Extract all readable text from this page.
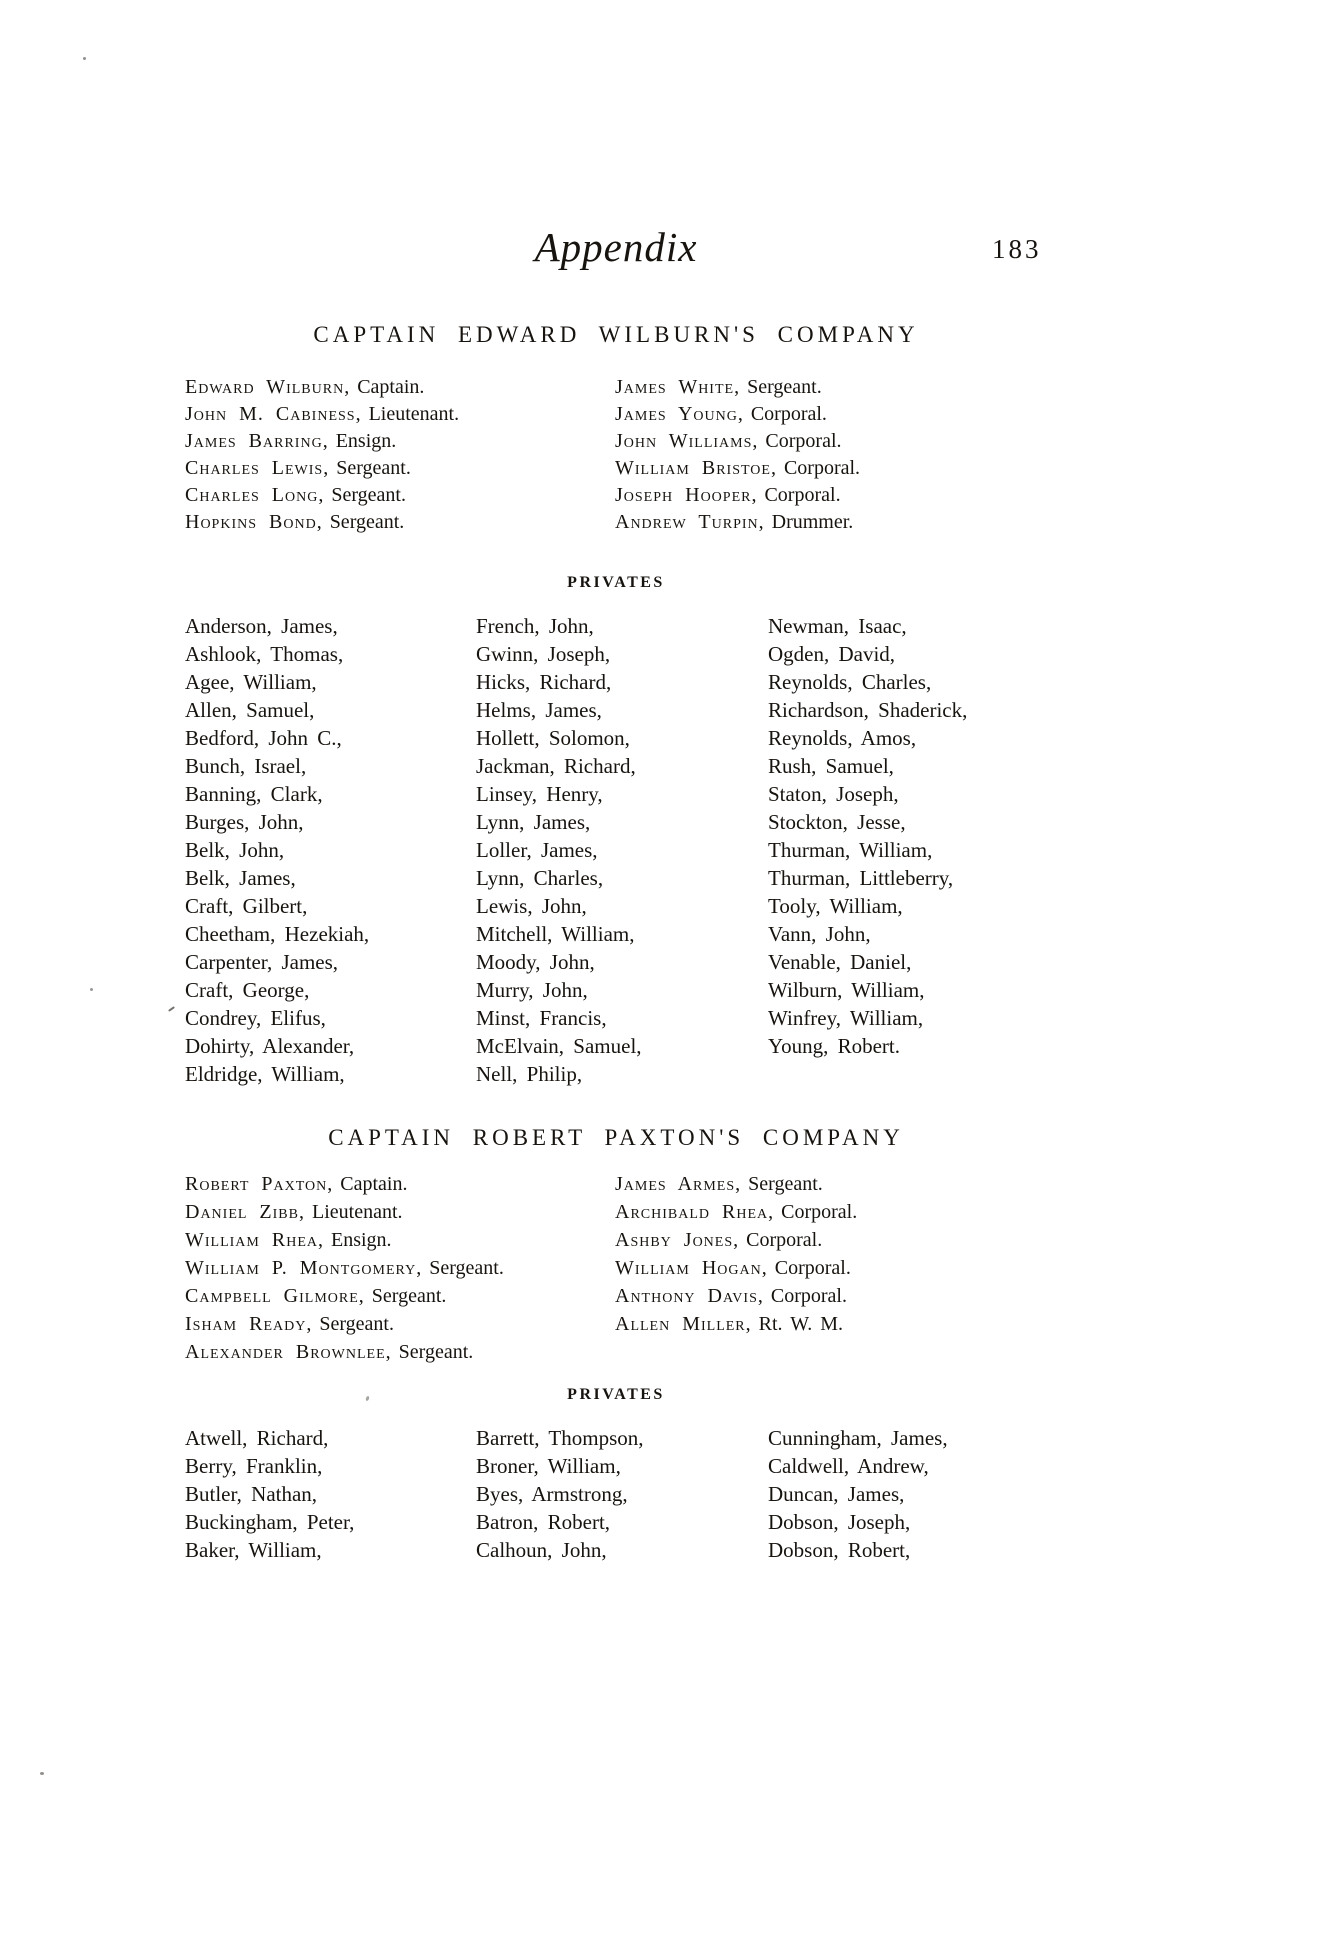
Appendix	183
CAPTAIN EDWARD WILBURN'S COMPANY
Edward Wilburn, Captain.
John M. Cabiness, Lieutenant.
James Barring, Ensign.
Charles Lewis, Sergeant.
Charles Long, Sergeant.
Hopkins Bond, Sergeant.
James White, Sergeant.
James Young, Corporal.
John Williams, Corporal.
William Bristoe, Corporal.
Joseph Hooper, Corporal.
Andrew Turpin, Drummer.
PRIVATES
Anderson, James,
Ashlook, Thomas,
Agee, William,
Allen, Samuel,
Bedford, John C.,
Bunch, Israel,
Banning, Clark,
Burges, John,
Belk, John,
Belk, James,
Craft, Gilbert,
Cheetham, Hezekiah,
Carpenter, James,
Craft, George,
Condrey, Elifus,
Dohirty, Alexander,
Eldridge, William,
French, John,
Gwinn, Joseph,
Hicks, Richard,
Helms, James,
Hollett, Solomon,
Jackman, Richard,
Linsey, Henry,
Lynn, James,
Loller, James,
Lynn, Charles,
Lewis, John,
Mitchell, William,
Moody, John,
Murry, John,
Minst, Francis,
McElvain, Samuel,
Nell, Philip,
Newman, Isaac,
Ogden, David,
Reynolds, Charles,
Richardson, Shaderick,
Reynolds, Amos,
Rush, Samuel,
Staton, Joseph,
Stockton, Jesse,
Thurman, William,
Thurman, Littleberry,
Tooly, William,
Vann, John,
Venable, Daniel,
Wilburn, William,
Winfrey, William,
Young, Robert.
CAPTAIN ROBERT PAXTON'S COMPANY
Robert Paxton, Captain.
Daniel Zibb, Lieutenant.
William Rhea, Ensign.
William P. Montgomery, Sergeant.
Campbell Gilmore, Sergeant.
Isham Ready, Sergeant.
Alexander Brownlee, Sergeant.
James Armes, Sergeant.
Archibald Rhea, Corporal.
Ashby Jones, Corporal.
William Hogan, Corporal.
Anthony Davis, Corporal.
Allen Miller, Rt. W. M.
PRIVATES
Atwell, Richard,
Berry, Franklin,
Butler, Nathan,
Buckingham, Peter,
Baker, William,
Barrett, Thompson,
Broner, William,
Byes, Armstrong,
Batron, Robert,
Calhoun, John,
Cunningham, James,
Caldwell, Andrew,
Duncan, James,
Dobson, Joseph,
Dobson, Robert,
